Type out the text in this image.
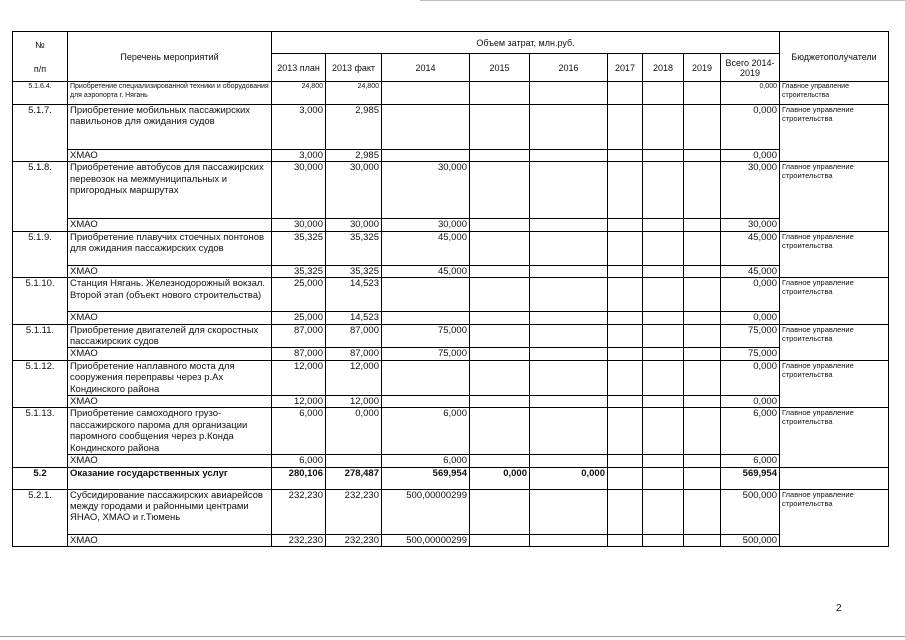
№
п/п	Перечень мероприятий	Объем затрат, млн.руб.									Бюджетополучатели
		2013 план	2013 факт	2014	2015	2016	2017	2018	2019	Всего 2014-2019	
5.1.6.4.	Приобретение специализированной техники и оборудования для аэропорта г. Нягань	24,800	24,800							0,000	Главное управление строительства
5.1.7.	Приобретение мобильных пассажирских павильонов для ожидания судов	3,000	2,985							0,000	Главное управление строительства
	ХМАО	3,000	2,985							0,000	
5.1.8.	Приобретение автобусов для пассажирских перевозок на межмуниципальных и пригородных маршрутах	30,000	30,000	30,000						30,000	Главное управление строительства
	ХМАО	30,000	30,000	30,000						30,000	
5.1.9.	Приобретение плавучих стоечных понтонов для ожидания пассажирских судов	35,325	35,325	45,000						45,000	Главное управление строительства
	ХМАО	35,325	35,325	45,000						45,000	
5.1.10.	Станция Нягань. Железнодорожный вокзал. Второй этап (объект нового строительства)	25,000	14,523							0,000	Главное управление строительства
	ХМАО	25,000	14,523							0,000	
5.1.11.	Приобретение двигателей для скоростных пассажирских судов	87,000	87,000	75,000						75,000	Главное управление строительства
	ХМАО	87,000	87,000	75,000						75,000	
5.1.12.	Приобретение наплавного моста для сооружения переправы через р.Ах Кондинского района	12,000	12,000							0,000	Главное управление строительства
	ХМАО	12,000	12,000							0,000	
5.1.13.	Приобретение самоходного грузо-пассажирского парома для организации паромного сообщения через р.Конда Кондинского района	6,000	0,000	6,000						6,000	Главное управление строительства
	ХМАО	6,000		6,000						6,000	
5.2	Оказание государственных услуг	280,106	278,487	569,954	0,000	0,000				569,954	
5.2.1.	Субсидирование пассажирских авиарейсов между городами и районными центрами ЯНАО, ХМАО и г.Тюмень	232,230	232,230	500,00000299						500,000	Главное управление строительства
	ХМАО	232,230	232,230	500,00000299						500,000	
2
